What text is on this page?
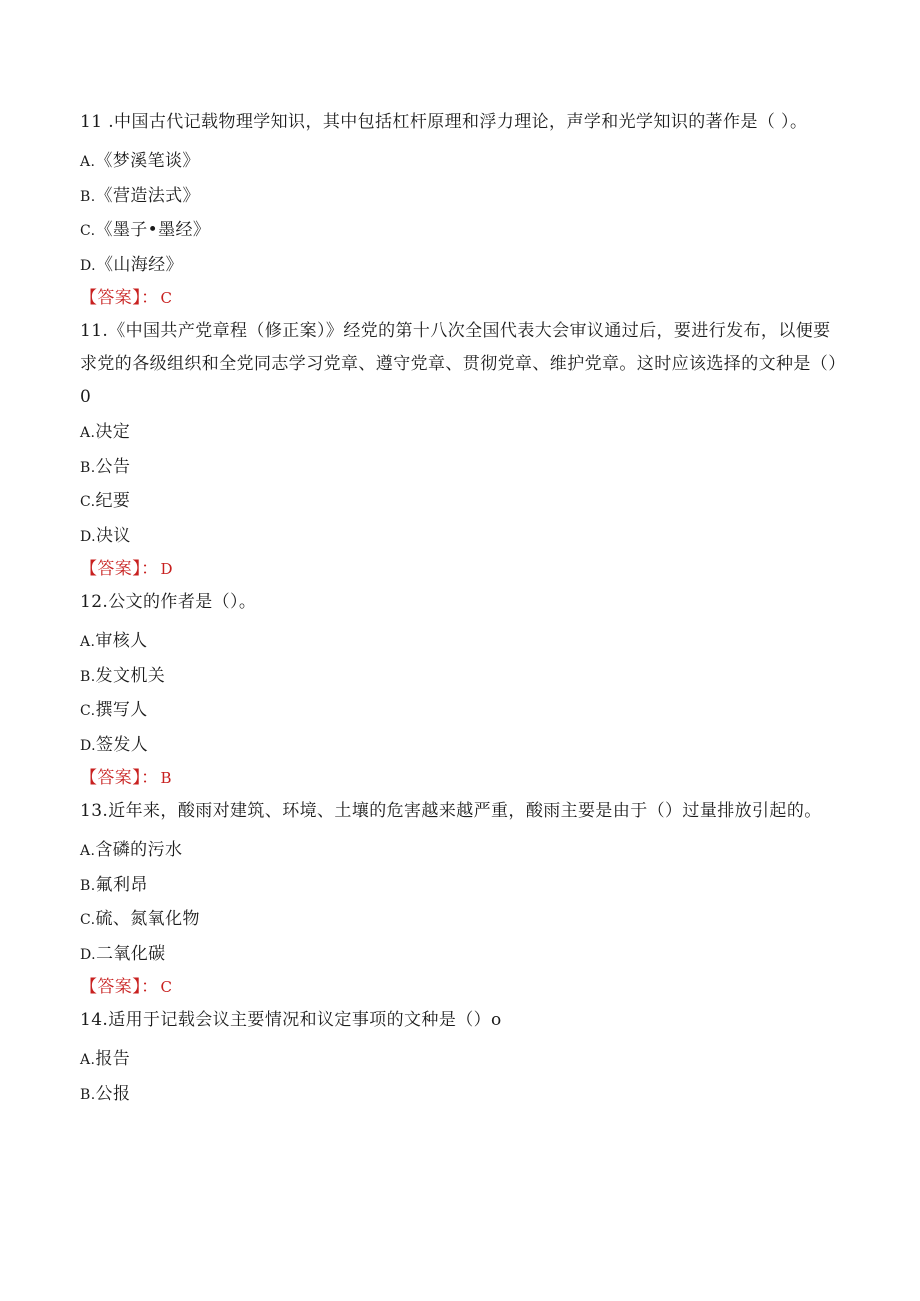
11 .中国古代记载物理学知识，其中包括杠杆原理和浮力理论，声学和光学知识的著作是（ ）。

A.《梦溪笔谈》

B.《营造法式》

C.《墨子•墨经》

D.《山海经》

【答案】： C

11.《中国共产党章程（修正案）》经党的第十八次全国代表大会审议通过后，要进行发布，以便要求党的各级组织和全党同志学习党章、遵守党章、贯彻党章、维护党章。这时应该选择的文种是（）0

A.决定

B.公告

C.纪要

D.决议

【答案】： D

12.公文的作者是（）。

A.审核人

B.发文机关

C.撰写人

D.签发人

【答案】： B

13.近年来，酸雨对建筑、环境、土壤的危害越来越严重，酸雨主要是由于（）过量排放引起的。

A.含磷的污水

B.氟利昂

C.硫、氮氧化物

D.二氧化碳

【答案】： C

14.适用于记载会议主要情况和议定事项的文种是（）o

A.报告

B.公报
